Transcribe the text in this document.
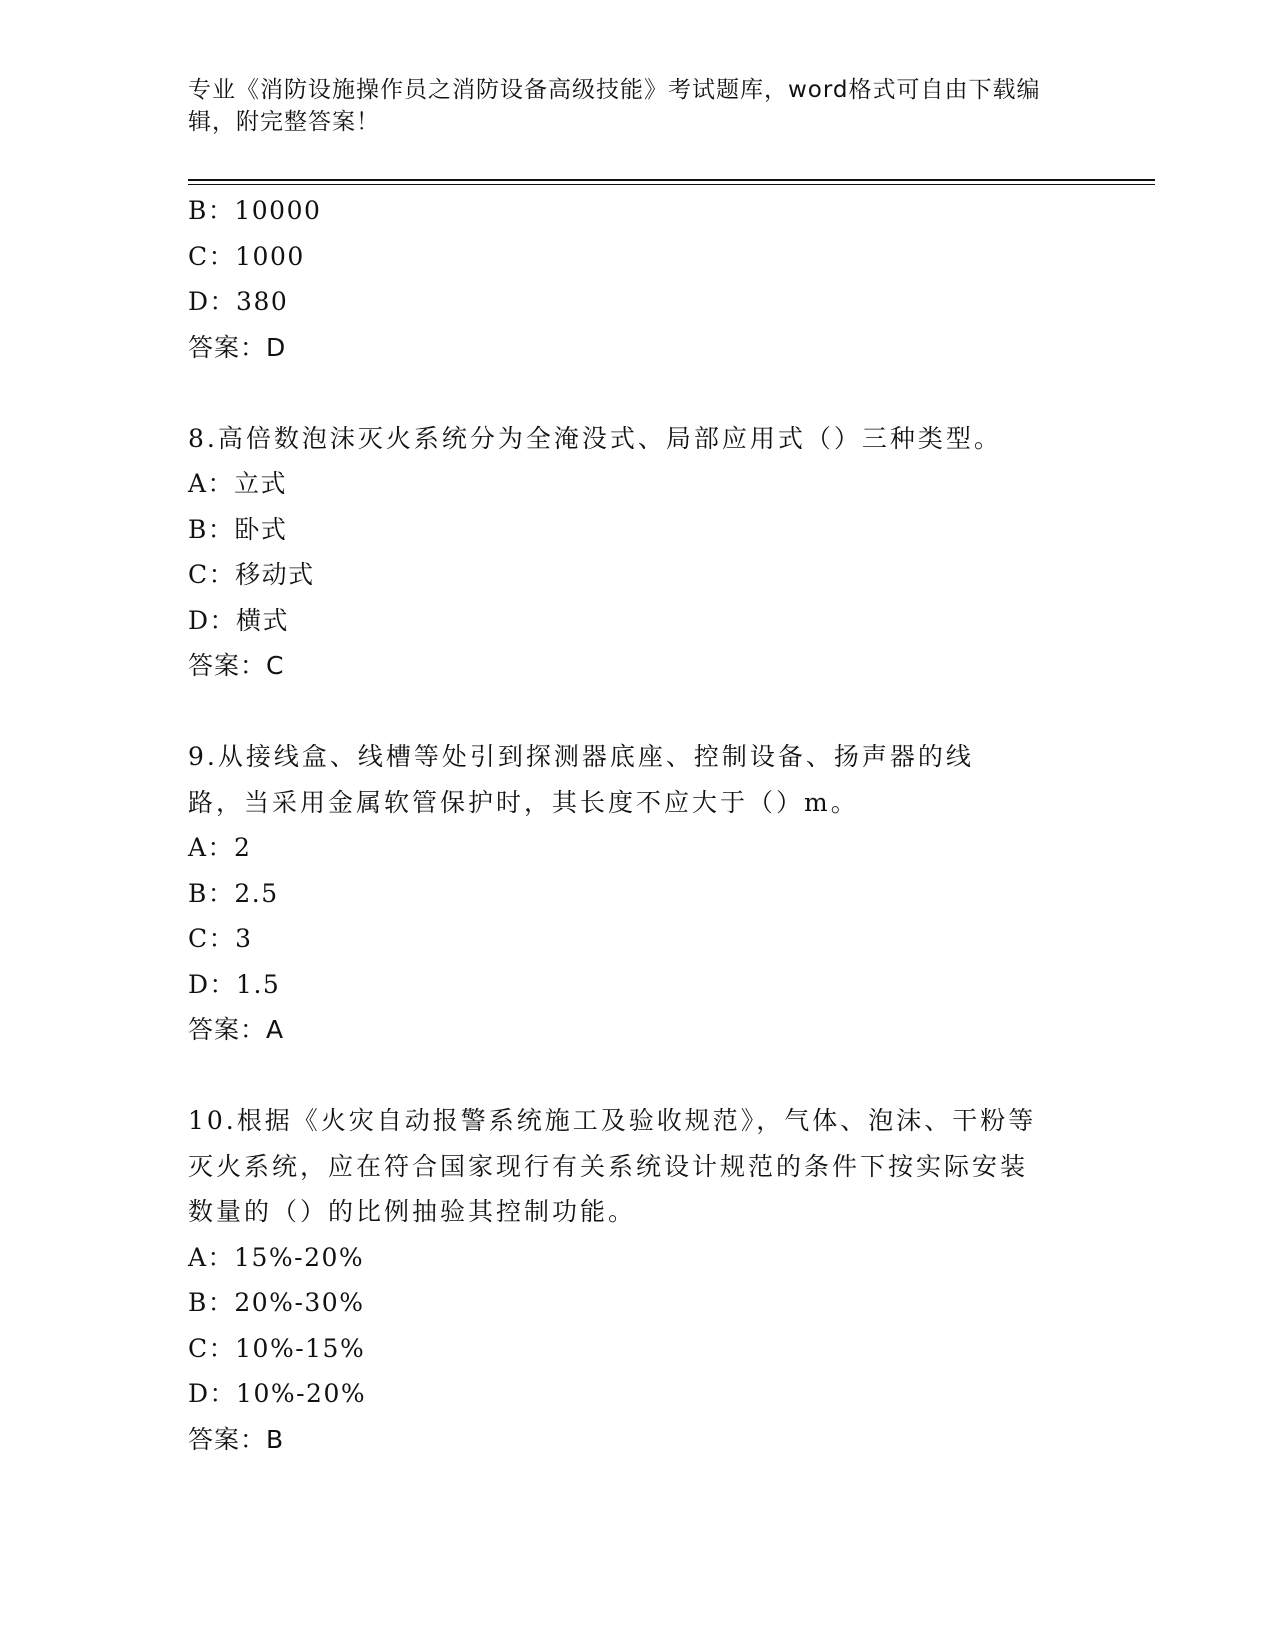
专业《消防设施操作员之消防设备高级技能》考试题库，word格式可自由下载编辑，附完整答案！
B：10000
C：1000
D：380
答案：D
8.高倍数泡沫灭火系统分为全淹没式、局部应用式（）三种类型。
A：立式
B：卧式
C：移动式
D：横式
答案：C
9.从接线盒、线槽等处引到探测器底座、控制设备、扬声器的线路，当采用金属软管保护时，其长度不应大于（）m。
A：2
B：2.5
C：3
D：1.5
答案：A
10.根据《火灾自动报警系统施工及验收规范》，气体、泡沫、干粉等灭火系统，应在符合国家现行有关系统设计规范的条件下按实际安装数量的（）的比例抽验其控制功能。
A：15%-20%
B：20%-30%
C：10%-15%
D：10%-20%
答案：B
